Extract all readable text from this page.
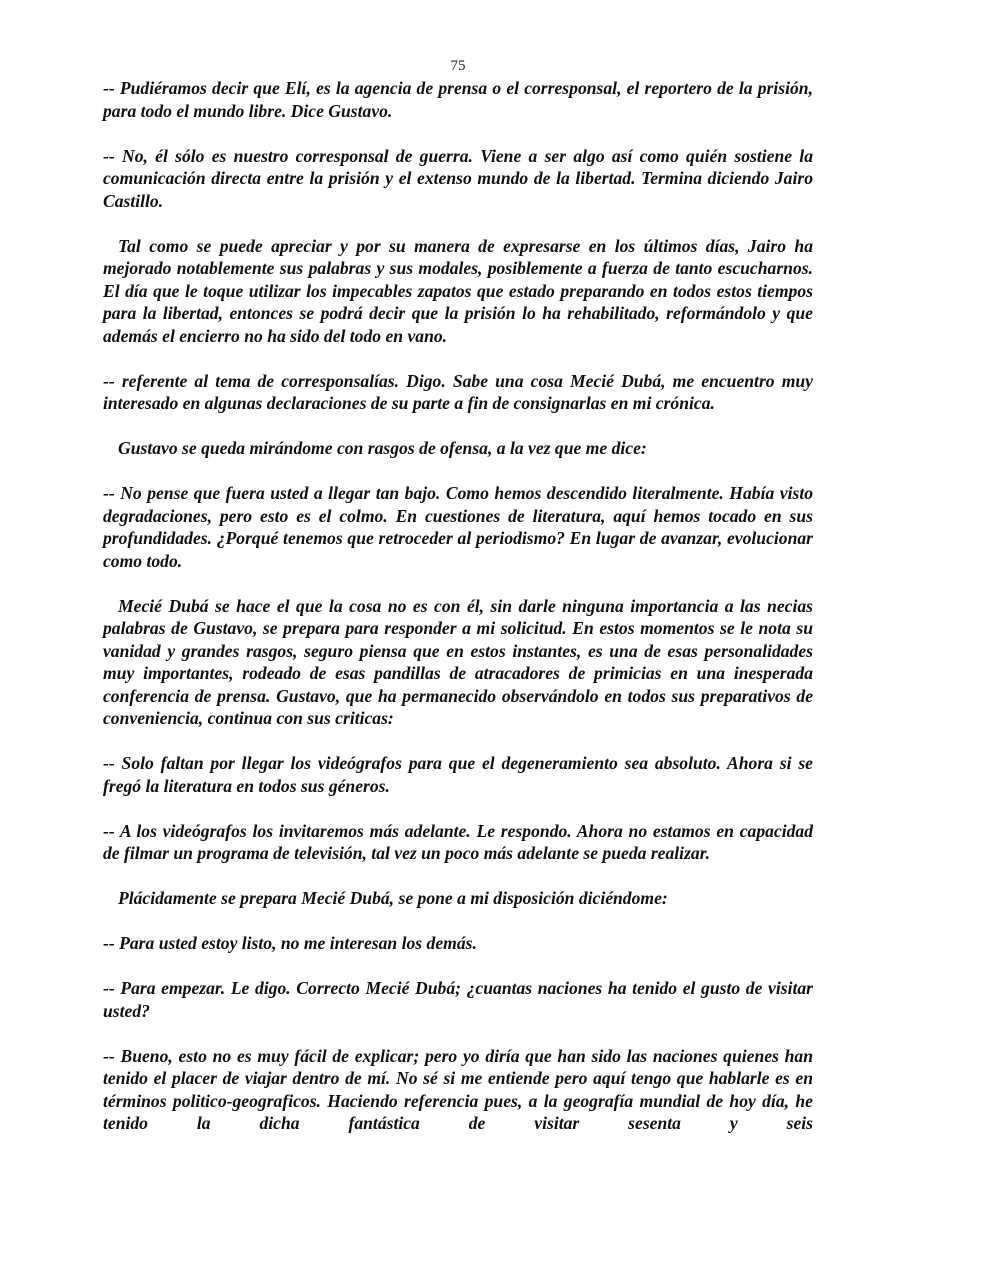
75

-- Pudiéramos decir que Elí, es la agencia de prensa o el corresponsal, el reportero de la prisión, para todo el mundo libre. Dice Gustavo.

-- No, él sólo es nuestro corresponsal de guerra. Viene a ser algo así como quién sostiene la comunicación directa entre la prisión y el extenso mundo de la libertad. Termina diciendo Jairo Castillo.

Tal como se puede apreciar y por su manera de expresarse en los últimos días, Jairo ha mejorado notablemente sus palabras y sus modales, posiblemente a fuerza de tanto escucharnos. El día que le toque utilizar los impecables zapatos que estado preparando en todos estos tiempos para la libertad, entonces se podrá decir que la prisión lo ha rehabilitado, reformándolo y que además el encierro no ha sido del todo en vano.

-- referente al tema de corresponsalías. Digo. Sabe una cosa Mecié Dubá, me encuentro muy interesado en algunas declaraciones de su parte a fin de consignarlas en mi crónica.

Gustavo se queda mirándome con rasgos de ofensa, a la vez que me dice:

-- No pense que fuera usted a llegar tan bajo. Como hemos descendido literalmente. Había visto degradaciones, pero esto es el colmo. En cuestiones de literatura, aquí hemos tocado en sus profundidades. ¿Porqué tenemos que retroceder al periodismo? En lugar de avanzar, evolucionar como todo.

Mecié Dubá se hace el que la cosa no es con él, sin darle ninguna importancia a las necias palabras de Gustavo, se prepara para responder a mi solicitud. En estos momentos se le nota su vanidad y grandes rasgos, seguro piensa que en estos instantes, es una de esas personalidades muy importantes, rodeado de esas pandillas de atracadores de primicias en una inesperada conferencia de prensa. Gustavo, que ha permanecido observándolo en todos sus preparativos de conveniencia, continua con sus criticas:

-- Solo faltan por llegar los videógrafos para que el degeneramiento sea absoluto. Ahora si se fregó la literatura en todos sus géneros.

-- A los videógrafos los invitaremos más adelante. Le respondo. Ahora no estamos en capacidad de filmar un programa de televisión, tal vez un poco más adelante se pueda realizar.

Plácidamente se prepara Mecié Dubá, se pone a mi disposición diciéndome:

-- Para usted estoy listo, no me interesan los demás.

-- Para empezar. Le digo. Correcto Mecié Dubá; ¿cuantas naciones ha tenido el gusto de visitar usted?

-- Bueno, esto no es muy fácil de explicar; pero yo diría que han sido las naciones quienes han tenido el placer de viajar dentro de mí. No sé si me entiende pero aquí tengo que hablarle es en términos politico-geograficos. Haciendo referencia pues, a la geografía mundial de hoy día, he tenido la dicha fantástica de visitar sesenta y seis
